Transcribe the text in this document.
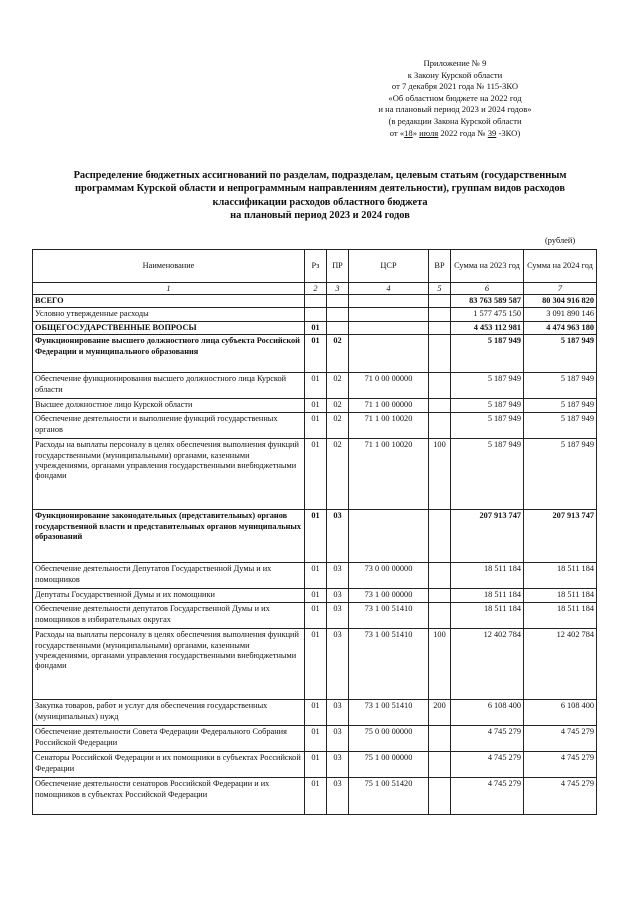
Приложение № 9
к Закону Курской области
от 7 декабря 2021 года № 115-ЗКО
«Об областном бюджете на 2022 год
и на плановый период 2023 и 2024 годов»
(в редакции Закона Курской области
от «18» июля 2022 года № 39 -ЗКО)
Распределение бюджетных ассигнований по разделам, подразделам, целевым статьям (государственным
программам Курской области и непрограммным направлениям деятельности), группам видов расходов
классификации расходов областного бюджета
на плановый период 2023 и 2024 годов
(рублей)
Наименование	Рз	ПР	ЦСР	ВР	Сумма на 2023 год	Сумма на 2024 год
1	2	3	4	5	6	7
ВСЕГО					83 763 589 587	80 304 916 820
Условно утвержденные расходы					1 577 475 150	3 091 890 146
ОБЩЕГОСУДАРСТВЕННЫЕ ВОПРОСЫ	01				4 453 112 981	4 474 963 180
Функционирование высшего должностного лица субъекта Российской Федерации и муниципального образования	01	02			5 187 949	5 187 949
Обеспечение функционирования высшего должностного лица Курской области	01	02	71 0 00 00000		5 187 949	5 187 949
Высшее должностное лицо Курской области	01	02	71 1 00 00000		5 187 949	5 187 949
Обеспечение деятельности и выполнение функций государственных органов	01	02	71 1 00 10020		5 187 949	5 187 949
Расходы на выплаты персоналу в целях обеспечения выполнения функций государственными (муниципальными) органами, казенными учреждениями, органами управления государственными внебюджетными фондами	01	02	71 1 00 10020	100	5 187 949	5 187 949
Функционирование законодательных (представительных) органов государственной власти и представительных органов муниципальных образований	01	03			207 913 747	207 913 747
Обеспечение деятельности Депутатов Государственной Думы и их помощников	01	03	73 0 00 00000		18 511 184	18 511 184
Депутаты Государственной Думы и их помощники	01	03	73 1 00 00000		18 511 184	18 511 184
Обеспечение деятельности депутатов Государственной Думы и их помощников в избирательных округах	01	03	73 1 00 51410		18 511 184	18 511 184
Расходы на выплаты персоналу в целях обеспечения выполнения функций государственными (муниципальными) органами, казенными учреждениями, органами управления государственными внебюджетными фондами	01	03	73 1 00 51410	100	12 402 784	12 402 784
Закупка товаров, работ и услуг для обеспечения государственных (муниципальных) нужд	01	03	73 1 00 51410	200	6 108 400	6 108 400
Обеспечение деятельности Совета Федерации Федерального Собрания Российской Федерации	01	03	75 0 00 00000		4 745 279	4 745 279
Сенаторы Российской Федерации и их помощники в субъектах Российской Федерации	01	03	75 1 00 00000		4 745 279	4 745 279
Обеспечение деятельности сенаторов Российской Федерации и их помощников в субъектах Российской Федерации	01	03	75 1 00 51420		4 745 279	4 745 279
